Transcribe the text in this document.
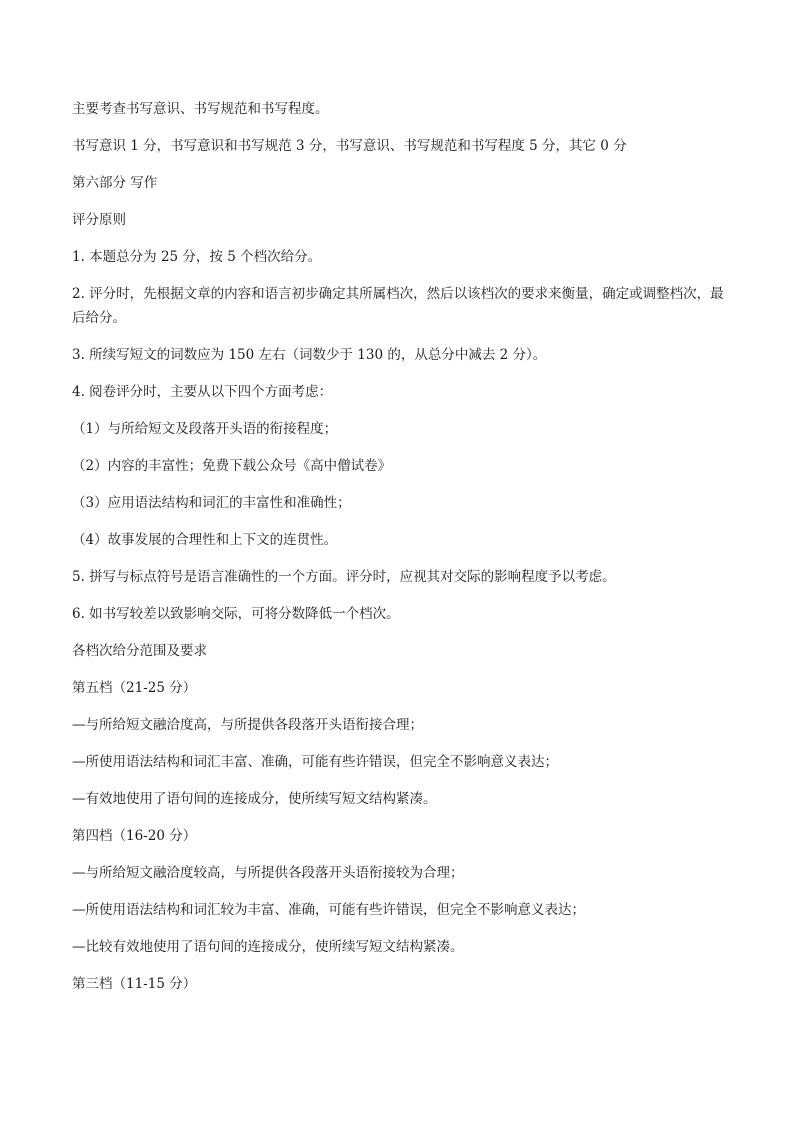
主要考查书写意识、书写规范和书写程度。

书写意识 1 分，书写意识和书写规范 3 分，书写意识、书写规范和书写程度 5 分，其它 0 分

第六部分 写作

评分原则

1. 本题总分为 25 分，按 5 个档次给分。

2. 评分时，先根据文章的内容和语言初步确定其所属档次，然后以该档次的要求来衡量，确定或调整档次，最后给分。

3. 所续写短文的词数应为 150 左右（词数少于 130 的，从总分中减去 2 分）。

4. 阅卷评分时，主要从以下四个方面考虑：

（1）与所给短文及段落开头语的衔接程度；

（2）内容的丰富性；免费下载公众号《高中僧试卷》

（3）应用语法结构和词汇的丰富性和准确性；

（4）故事发展的合理性和上下文的连贯性。

5. 拼写与标点符号是语言准确性的一个方面。评分时，应视其对交际的影响程度予以考虑。

6. 如书写较差以致影响交际，可将分数降低一个档次。

各档次给分范围及要求

第五档（21-25 分）

—与所给短文融洽度高，与所提供各段落开头语衔接合理；

—所使用语法结构和词汇丰富、准确，可能有些许错误，但完全不影响意义表达；

—有效地使用了语句间的连接成分，使所续写短文结构紧凑。

第四档（16-20 分）

—与所给短文融洽度较高，与所提供各段落开头语衔接较为合理；

—所使用语法结构和词汇较为丰富、准确，可能有些许错误，但完全不影响意义表达；

—比较有效地使用了语句间的连接成分，使所续写短文结构紧凑。

第三档（11-15 分）
